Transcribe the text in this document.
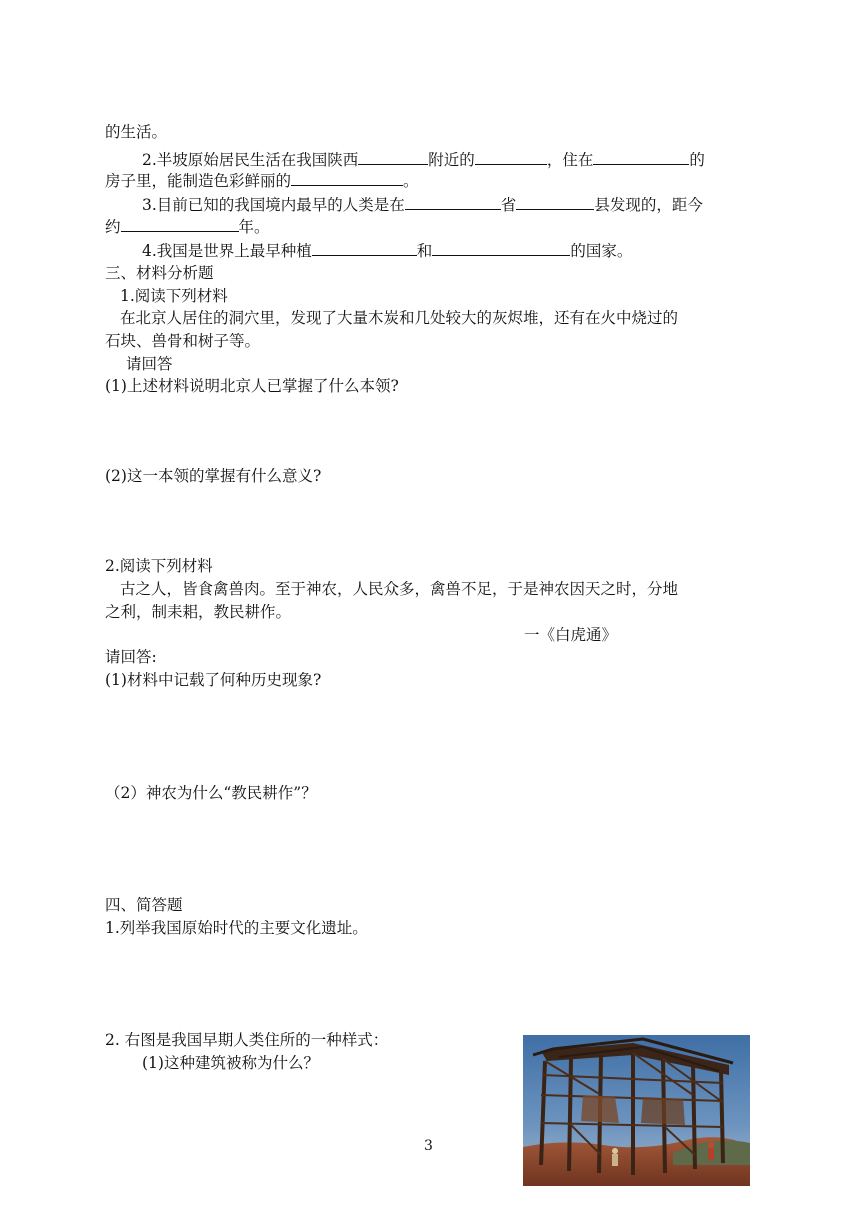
的生活。
2.半坡原始居民生活在我国陕西	附近的	，住在	的
房子里，能制造色彩鲜丽的	。
3.目前已知的我国境内最早的人类是在	省	县发现的，距今
约	年。
4.我国是世界上最早种植	和	的国家。
三、材料分析题
1.阅读下列材料
在北京人居住的洞穴里，发现了大量木炭和几处较大的灰烬堆，还有在火中烧过的
石块、兽骨和树子等。
请回答
(1)上述材料说明北京人已掌握了什么本领?
(2)这一本领的掌握有什么意义?
2.阅读下列材料
古之人，皆食禽兽肉。至于神农，人民众多，禽兽不足，于是神农因天之时，分地
之利，制耒耜，教民耕作。
一《白虎通》
请回答:
(1)材料中记载了何种历史现象?
（2）神农为什么“教民耕作”？
四、简答题
1.列举我国原始时代的主要文化遗址。
2. 右图是我国早期人类住所的一种样式：
(1)这种建筑被称为什么？
3
